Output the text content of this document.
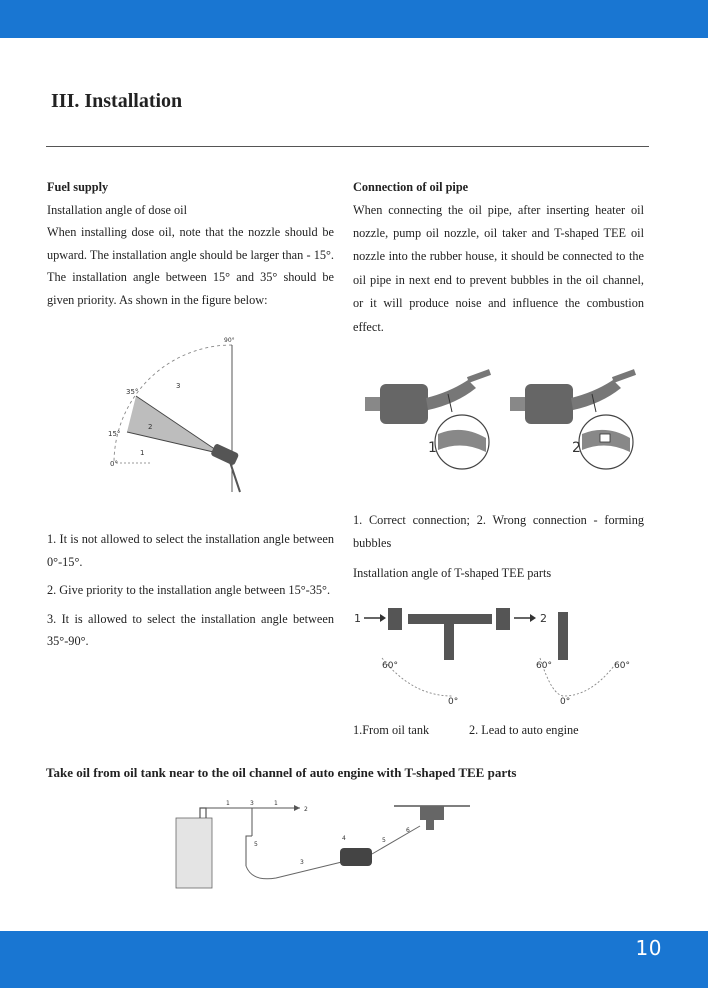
III. Installation

Fuel supply

Installation angle of dose oil

When installing dose oil, note that the nozzle should be upward. The installation angle should be larger than - 15°. The installation angle between 15° and 35° should be given priority. As shown in the figure below:

90°
35°
15°
0°
1
2
3

1. It is not allowed to select the installation angle between 0°-15°.

2. Give priority to the installation angle between 15°-35°.

3. It is allowed to select the installation angle between 35°-90°.

Connection of oil pipe

When connecting the oil pipe, after inserting heater oil nozzle, pump oil nozzle, oil taker and T-shaped TEE oil nozzle into the rubber house, it should be connected to the oil pipe in next end to prevent bubbles in the oil channel, or it will produce noise and influence the combustion effect.

1	2
1. Correct connection; 2. Wrong connection - forming bubbles
Installation angle of T-shaped TEE parts
1	2
60°	60°	60°
0°	0°
1.From oil tank	2. Lead to auto engine
Take oil from oil tank near to the oil channel of auto engine with T-shaped TEE parts
1	3	1
2
5
3
4	5
6
10
